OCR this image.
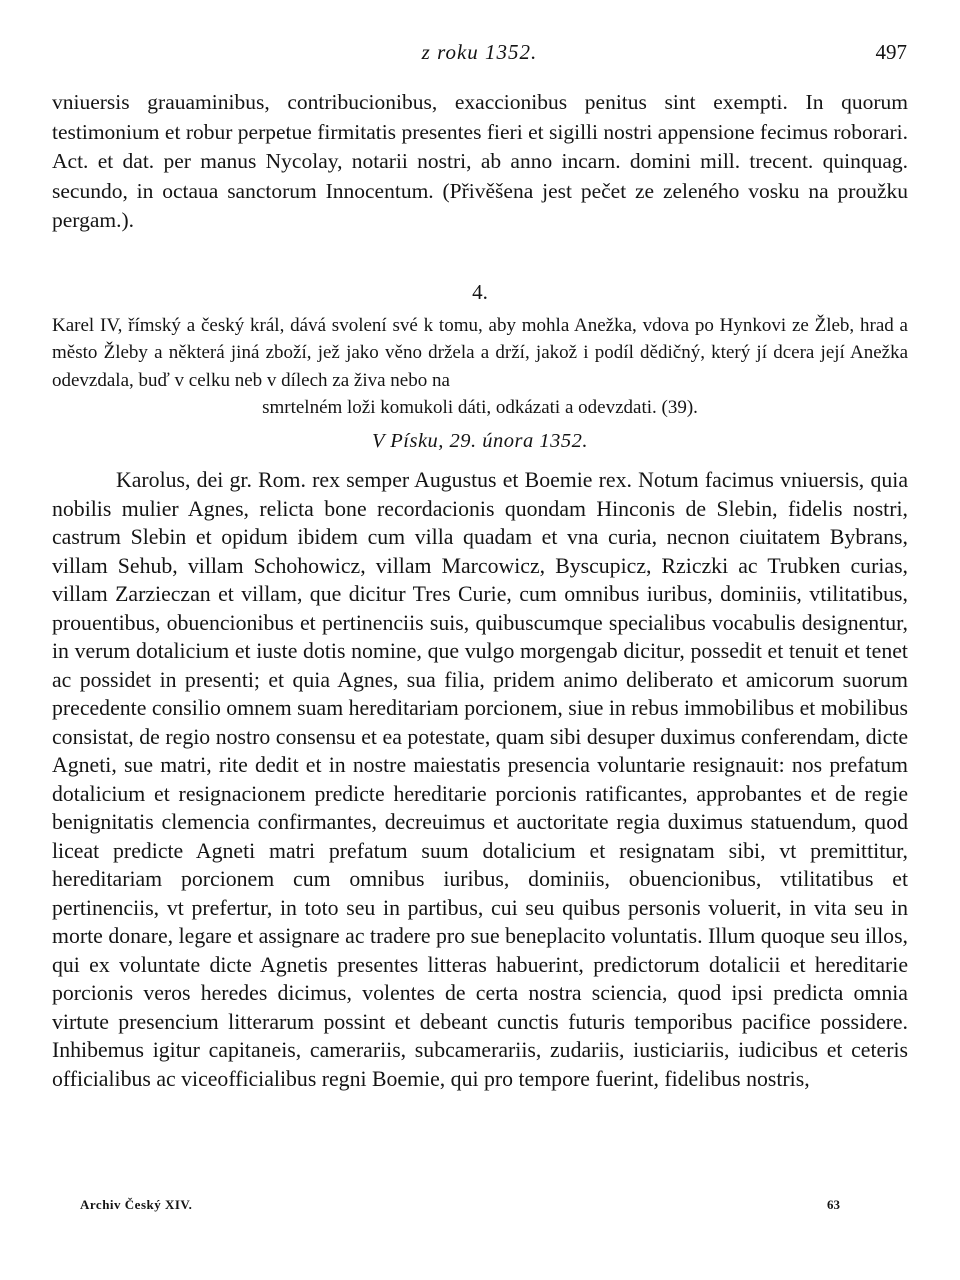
z roku 1352.	497
vniuersis grauaminibus, contribucionibus, exaccionibus penitus sint exempti. In quorum testimonium et robur perpetue firmitatis presentes fieri et sigilli nostri appensione fecimus roborari. Act. et dat. per manus Nycolay, notarii nostri, ab anno incarn. domini mill. trecent. quinquag. secundo, in octaua sanctorum Innocentum. (Přivěšena jest pečet ze zeleného vosku na proužku pergam.).
4.
Karel IV, římský a český král, dává svolení své k tomu, aby mohla Anežka, vdova po Hynkovi ze Žleb, hrad a město Žleby a některá jiná zboží, jež jako věno držela a drží, jakož i podíl dědičný, který jí dcera její Anežka odevzdala, buď v celku neb v dílech za živa nebo na
smrtelném loži komukoli dáti, odkázati a odevzdati. (39).
V Písku, 29. února 1352.
Karolus, dei gr. Rom. rex semper Augustus et Boemie rex. Notum facimus vniuersis, quia nobilis mulier Agnes, relicta bone recordacionis quondam Hinconis de Slebin, fidelis nostri, castrum Slebin et opidum ibidem cum villa quadam et vna curia, necnon ciuitatem Bybrans, villam Sehub, villam Schohowicz, villam Marcowicz, Byscupicz, Rziczki ac Trubken curias, villam Zarzieczan et villam, que dicitur Tres Curie, cum omnibus iuribus, dominiis, vtilitatibus, prouentibus, obuencionibus et pertinenciis suis, quibuscumque specialibus vocabulis designentur, in verum dotalicium et iuste dotis nomine, que vulgo morgengab dicitur, possedit et tenuit et tenet ac possidet in presenti; et quia Agnes, sua filia, pridem animo deliberato et amicorum suorum precedente consilio omnem suam hereditariam porcionem, siue in rebus immobilibus et mobilibus consistat, de regio nostro consensu et ea potestate, quam sibi desuper duximus conferendam, dicte Agneti, sue matri, rite dedit et in nostre maiestatis presencia voluntarie resignauit: nos prefatum dotalicium et resignacionem predicte hereditarie porcionis ratificantes, approbantes et de regie benignitatis clemencia confirmantes, decreuimus et auctoritate regia duximus statuendum, quod liceat predicte Agneti matri prefatum suum dotalicium et resignatam sibi, vt premittitur, hereditariam porcionem cum omnibus iuribus, dominiis, obuencionibus, vtilitatibus et pertinenciis, vt prefertur, in toto seu in partibus, cui seu quibus personis voluerit, in vita seu in morte donare, legare et assignare ac tradere pro sue beneplacito voluntatis. Illum quoque seu illos, qui ex voluntate dicte Agnetis presentes litteras habuerint, predictorum dotalicii et hereditarie porcionis veros heredes dicimus, volentes de certa nostra sciencia, quod ipsi predicta omnia virtute presencium litterarum possint et debeant cunctis futuris temporibus pacifice possidere. Inhibemus igitur capitaneis, camerariis, subcamerariis, zudariis, iusticiariis, iudicibus et ceteris officialibus ac viceofficialibus regni Boemie, qui pro tempore fuerint, fidelibus nostris,
Archiv Český XIV.	63
